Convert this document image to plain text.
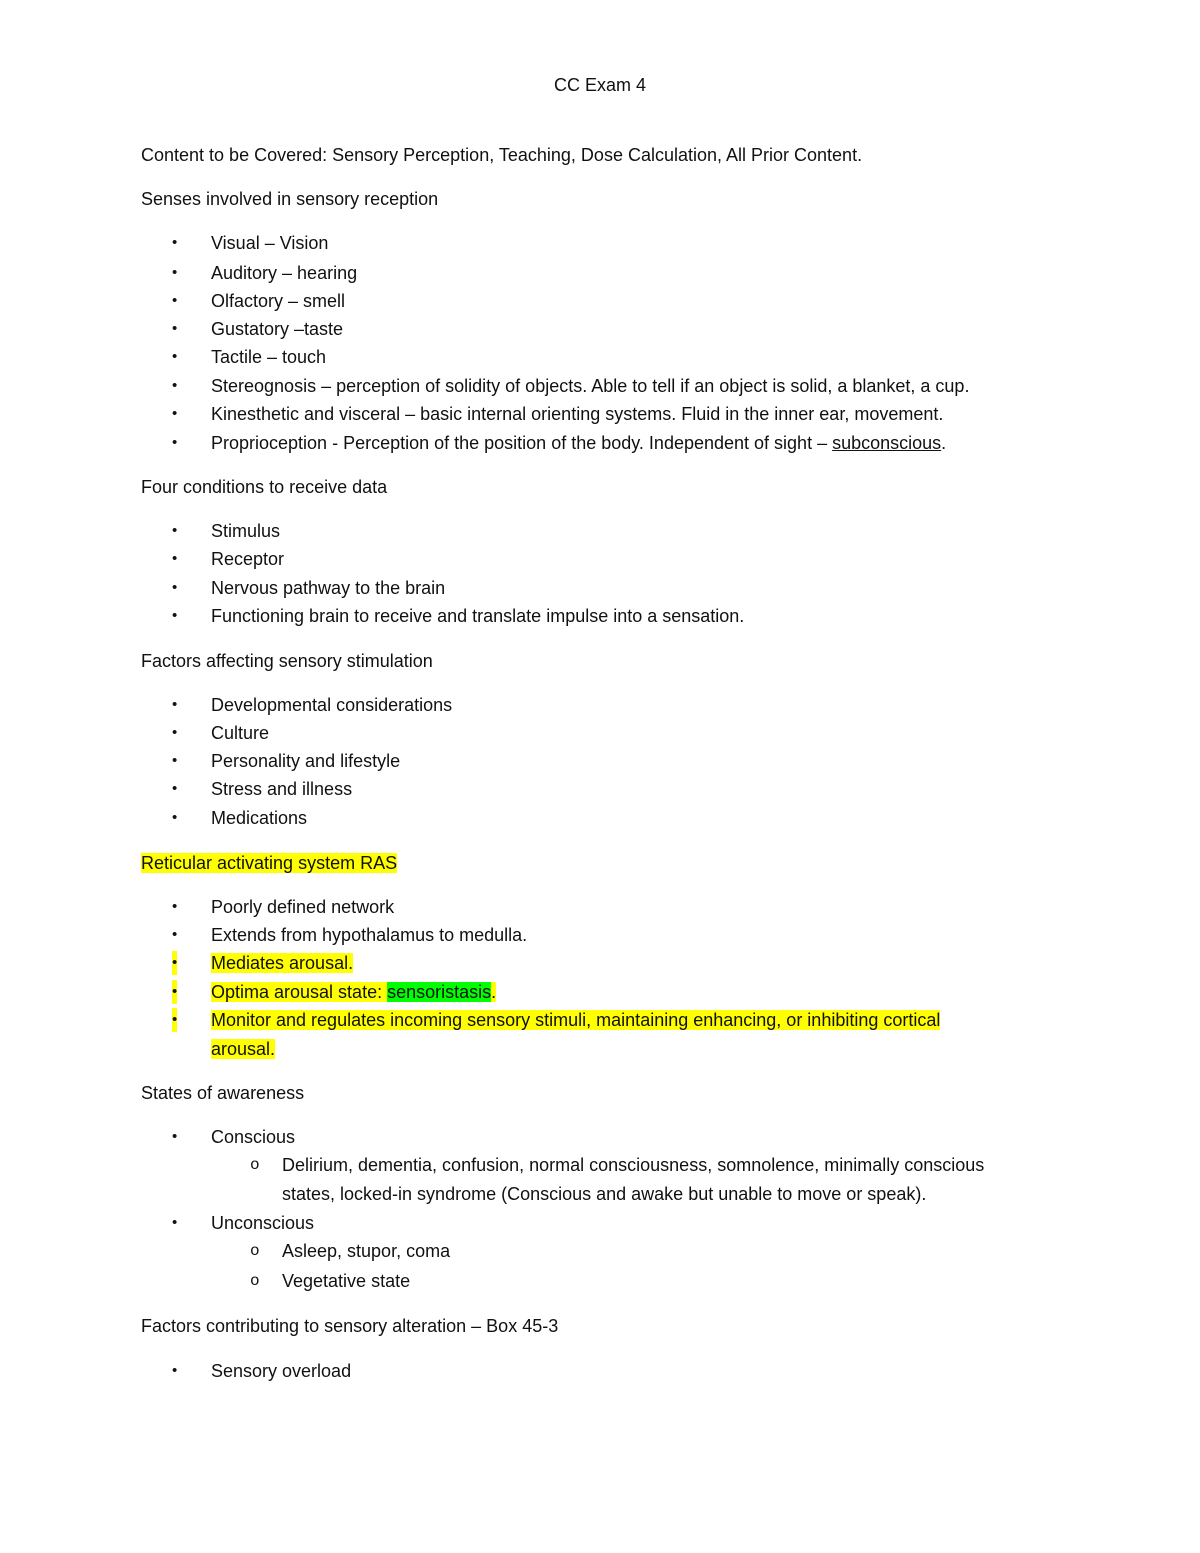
CC Exam 4
Content to be Covered: Sensory Perception, Teaching, Dose Calculation, All Prior Content.
Senses involved in sensory reception
• Visual – Vision
• Auditory – hearing
• Olfactory – smell
• Gustatory –taste
• Tactile – touch
• Stereognosis – perception of solidity of objects. Able to tell if an object is solid, a blanket, a cup.
• Kinesthetic and visceral – basic internal orienting systems. Fluid in the inner ear, movement.
• Proprioception - Perception of the position of the body. Independent of sight – subconscious.
Four conditions to receive data
• Stimulus
• Receptor
• Nervous pathway to the brain
• Functioning brain to receive and translate impulse into a sensation.
Factors affecting sensory stimulation
• Developmental considerations
• Culture
• Personality and lifestyle
• Stress and illness
• Medications
Reticular activating system RAS
• Poorly defined network
• Extends from hypothalamus to medulla.
• Mediates arousal.
• Optima arousal state: sensoristasis.
• Monitor and regulates incoming sensory stimuli, maintaining enhancing, or inhibiting cortical
arousal.
States of awareness
• Conscious
o Delirium, dementia, confusion, normal consciousness, somnolence, minimally conscious
states, locked-in syndrome (Conscious and awake but unable to move or speak).
• Unconscious
o Asleep, stupor, coma
o Vegetative state
Factors contributing to sensory alteration – Box 45-3
• Sensory overload
